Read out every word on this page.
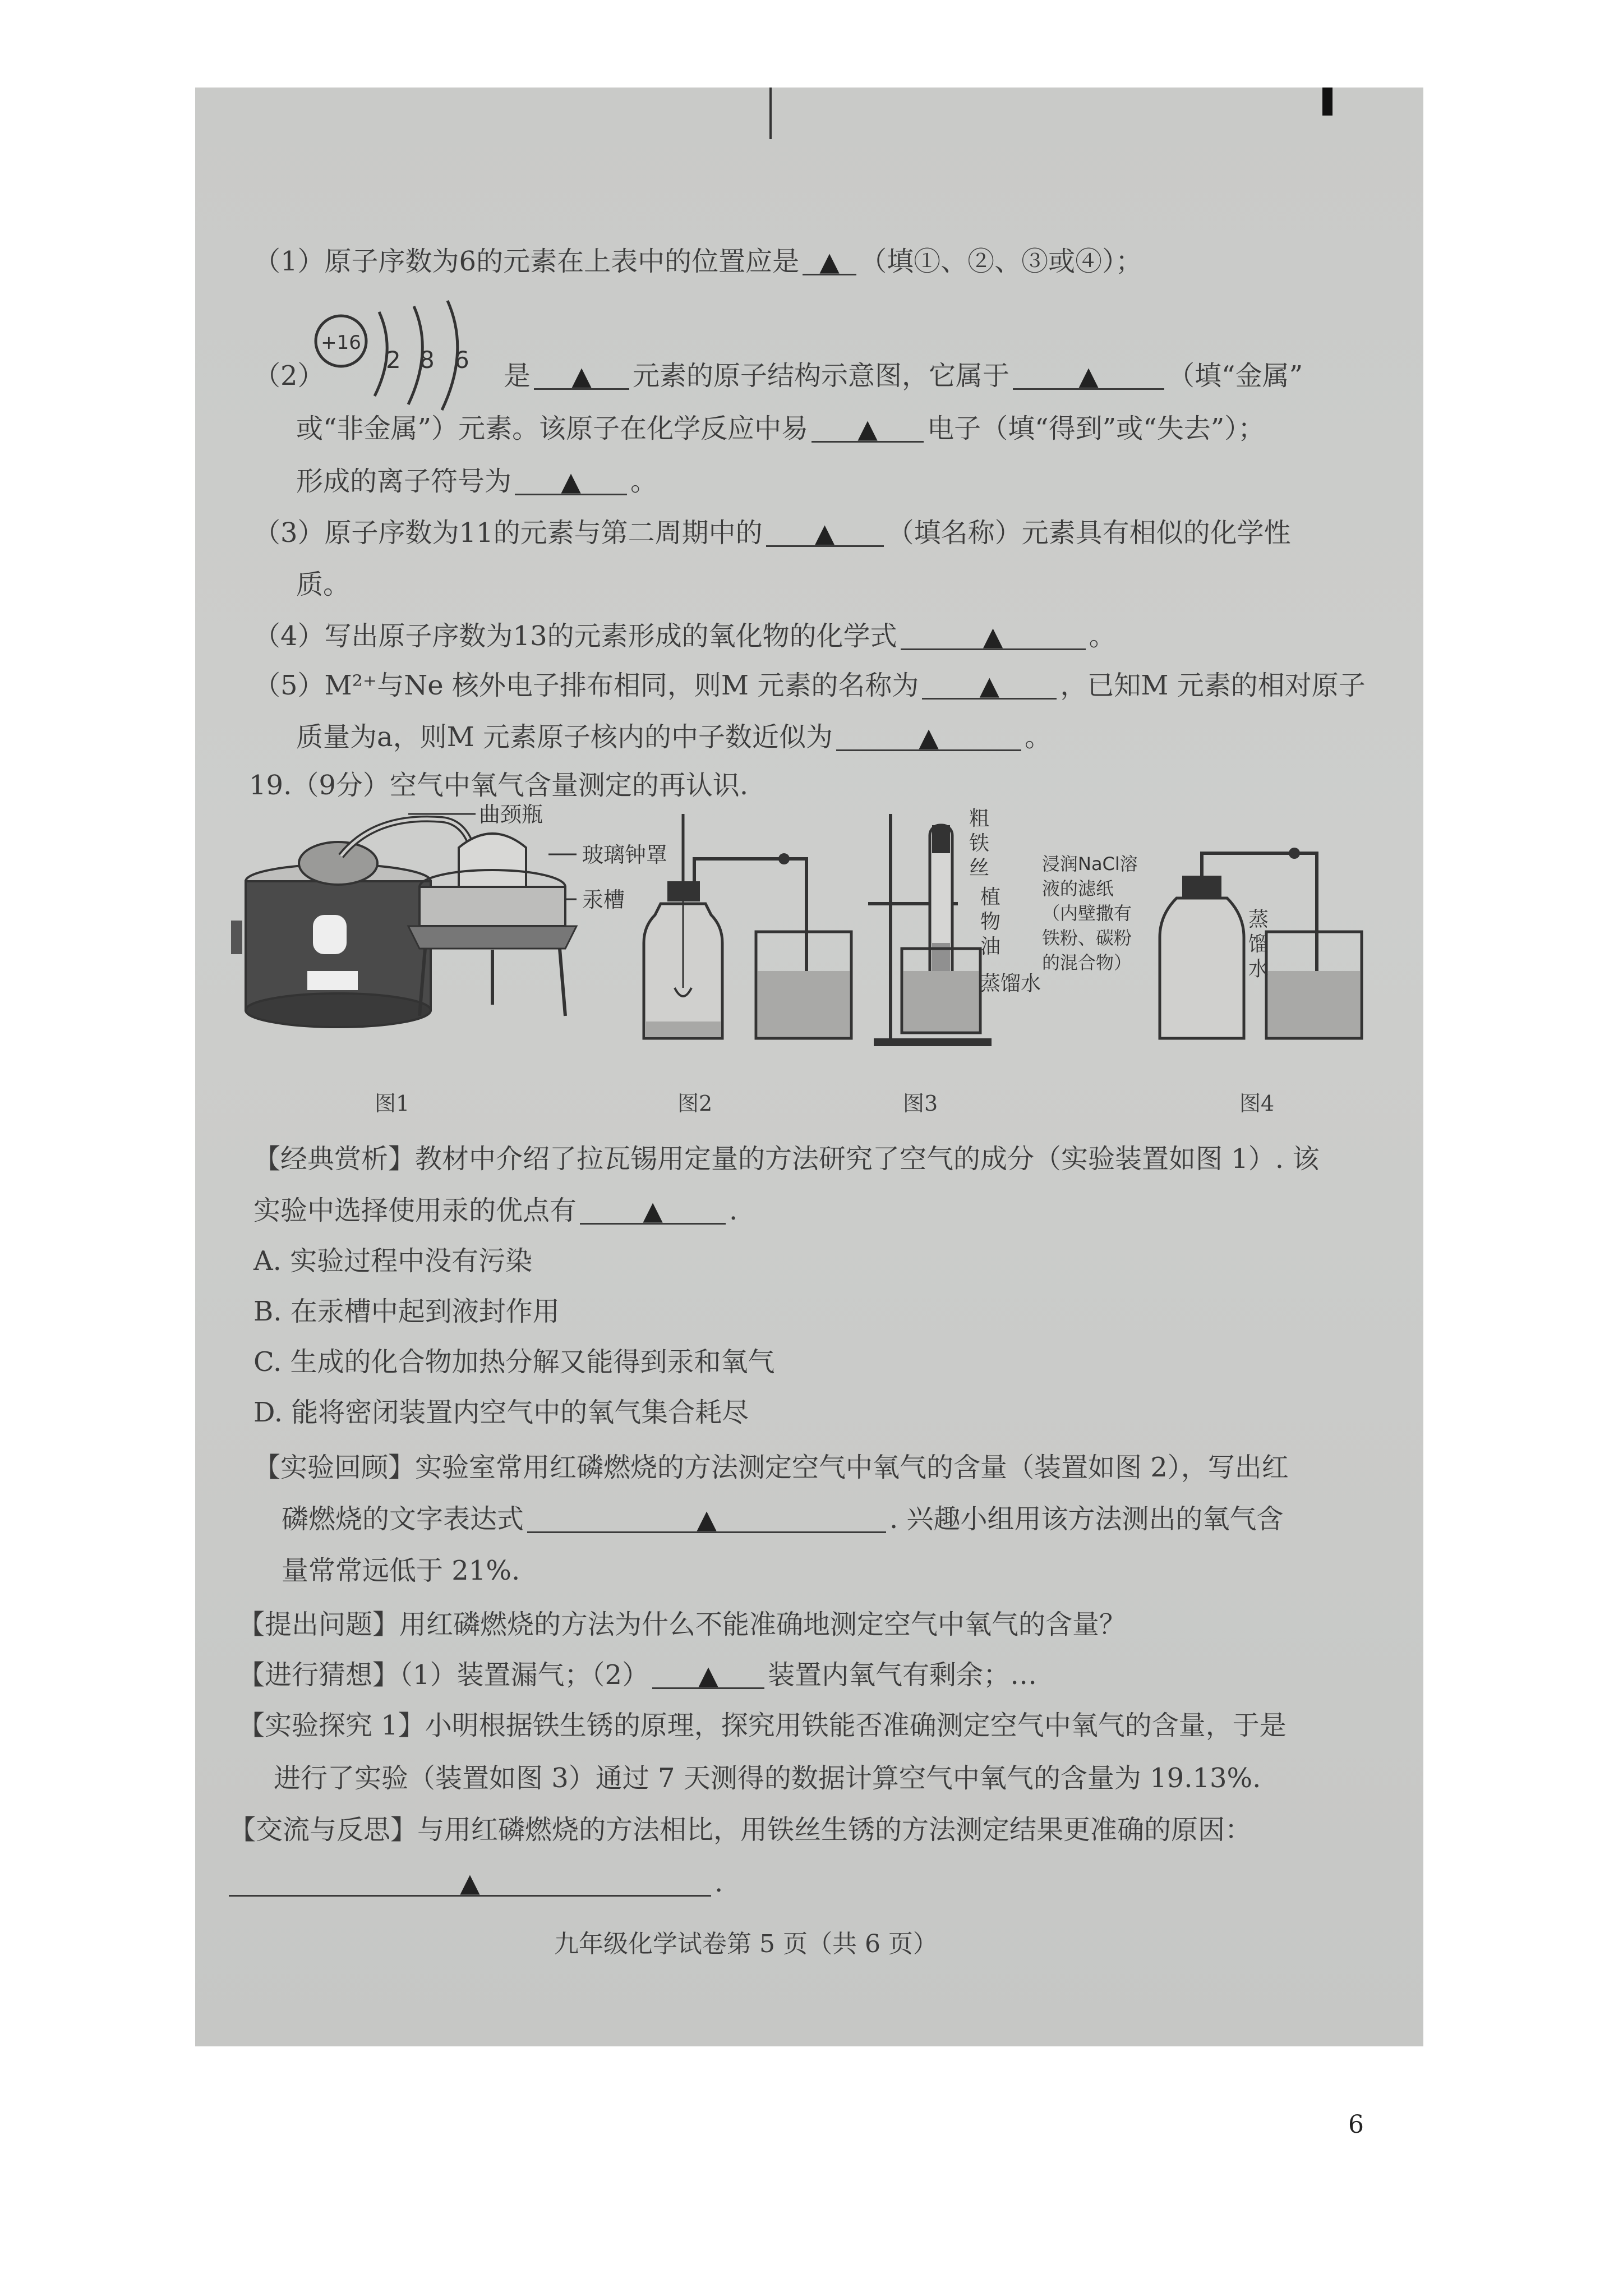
（1）原子序数为6的元素在上表中的位置应是 ▲ （填①、②、③或④）；
（2）
+16
2 8 6
是 ▲ 元素的原子结构示意图，它属于	▲	（填“金属”
或“非金属”）元素。该原子在化学反应中易 ▲ 电子（填“得到”或“失去”）；
形成的离子符号为 ▲ 。
（3）原子序数为11的元素与第二周期中的 ▲ （填名称）元素具有相似的化学性
质。
（4）写出原子序数为13的元素形成的氧化物的化学式	▲	。
（5）M²⁺与Ne 核外电子排布相同，则M 元素的名称为 ▲ ，已知M 元素的相对原子
质量为a，则M 元素原子核内的中子数近似为	▲	。
19.（9分）空气中氧气含量测定的再认识.
曲颈瓶
玻璃钟罩
汞槽
粗
铁
丝
植
物
油
蒸馏水
浸润NaCl溶
液的滤纸
（内壁撒有
铁粉、碳粉
的混合物）
蒸
馏
水
图1	图2	图3	图4
【经典赏析】教材中介绍了拉瓦锡用定量的方法研究了空气的成分（实验装置如图 1）. 该
实验中选择使用汞的优点有	▲ .
A. 实验过程中没有污染
B. 在汞槽中起到液封作用
C. 生成的化合物加热分解又能得到汞和氧气
D. 能将密闭装置内空气中的氧气集合耗尽
【实验回顾】实验室常用红磷燃烧的方法测定空气中氧气的含量（装置如图 2），写出红
磷燃烧的文字表达式	▲	. 兴趣小组用该方法测出的氧气含
量常常远低于 21%.
【提出问题】用红磷燃烧的方法为什么不能准确地测定空气中氧气的含量？
【进行猜想】（1）装置漏气；（2） ▲ 装置内氧气有剩余；…
【实验探究 1】小明根据铁生锈的原理，探究用铁能否准确测定空气中氧气的含量，于是
进行了实验（装置如图 3）通过 7 天测得的数据计算空气中氧气的含量为 19.13%.
【交流与反思】与用红磷燃烧的方法相比，用铁丝生锈的方法测定结果更准确的原因：
▲	.
九年级化学试卷第 5 页（共 6 页）
6
